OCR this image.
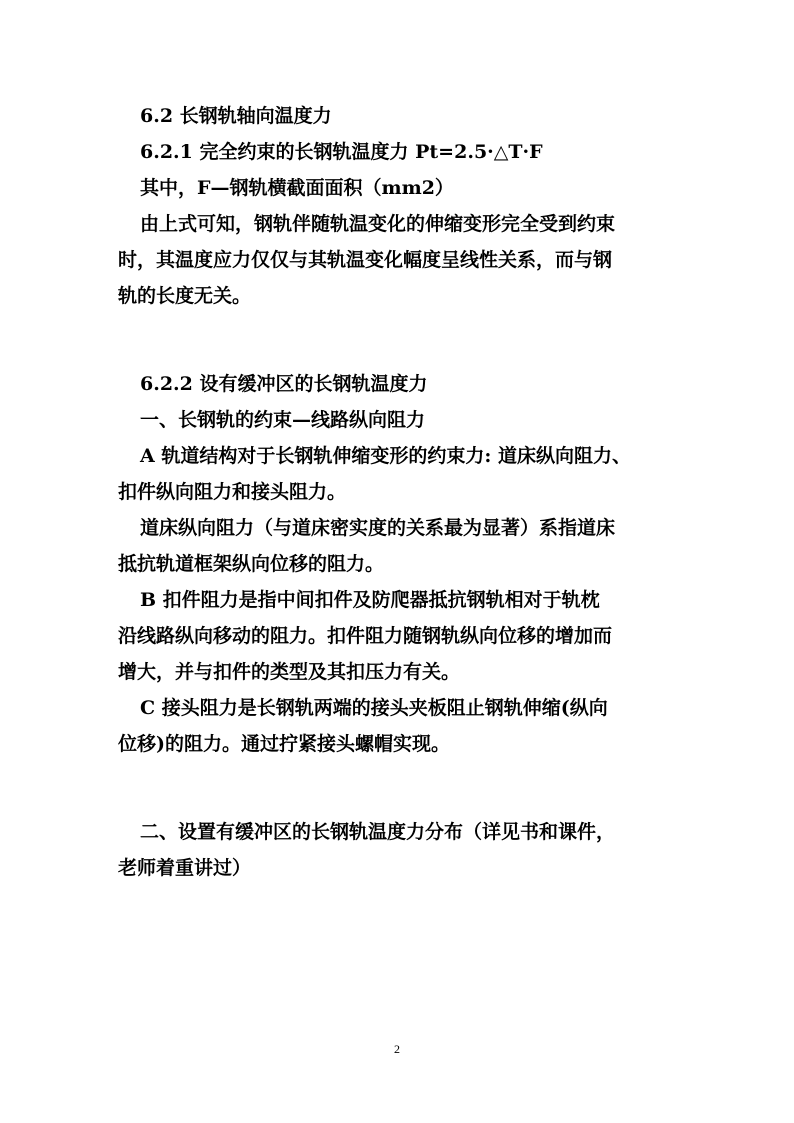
6.2 长钢轨轴向温度力
6.2.1 完全约束的长钢轨温度力 Pt=2.5·△T·F
其中，F—钢轨横截面面积（mm2）
由上式可知，钢轨伴随轨温变化的伸缩变形完全受到约束
时，其温度应力仅仅与其轨温变化幅度呈线性关系，而与钢
轨的长度无关。
6.2.2 设有缓冲区的长钢轨温度力
一、长钢轨的约束—线路纵向阻力
A 轨道结构对于长钢轨伸缩变形的约束力: 道床纵向阻力、
扣件纵向阻力和接头阻力。
道床纵向阻力（与道床密实度的关系最为显著）系指道床
抵抗轨道框架纵向位移的阻力。
B 扣件阻力是指中间扣件及防爬器抵抗钢轨相对于轨枕
沿线路纵向移动的阻力。扣件阻力随钢轨纵向位移的增加而
增大，并与扣件的类型及其扣压力有关。
C 接头阻力是长钢轨两端的接头夹板阻止钢轨伸缩(纵向
位移)的阻力。通过拧紧接头螺帽实现。
二、设置有缓冲区的长钢轨温度力分布（详见书和课件，
老师着重讲过）
2
